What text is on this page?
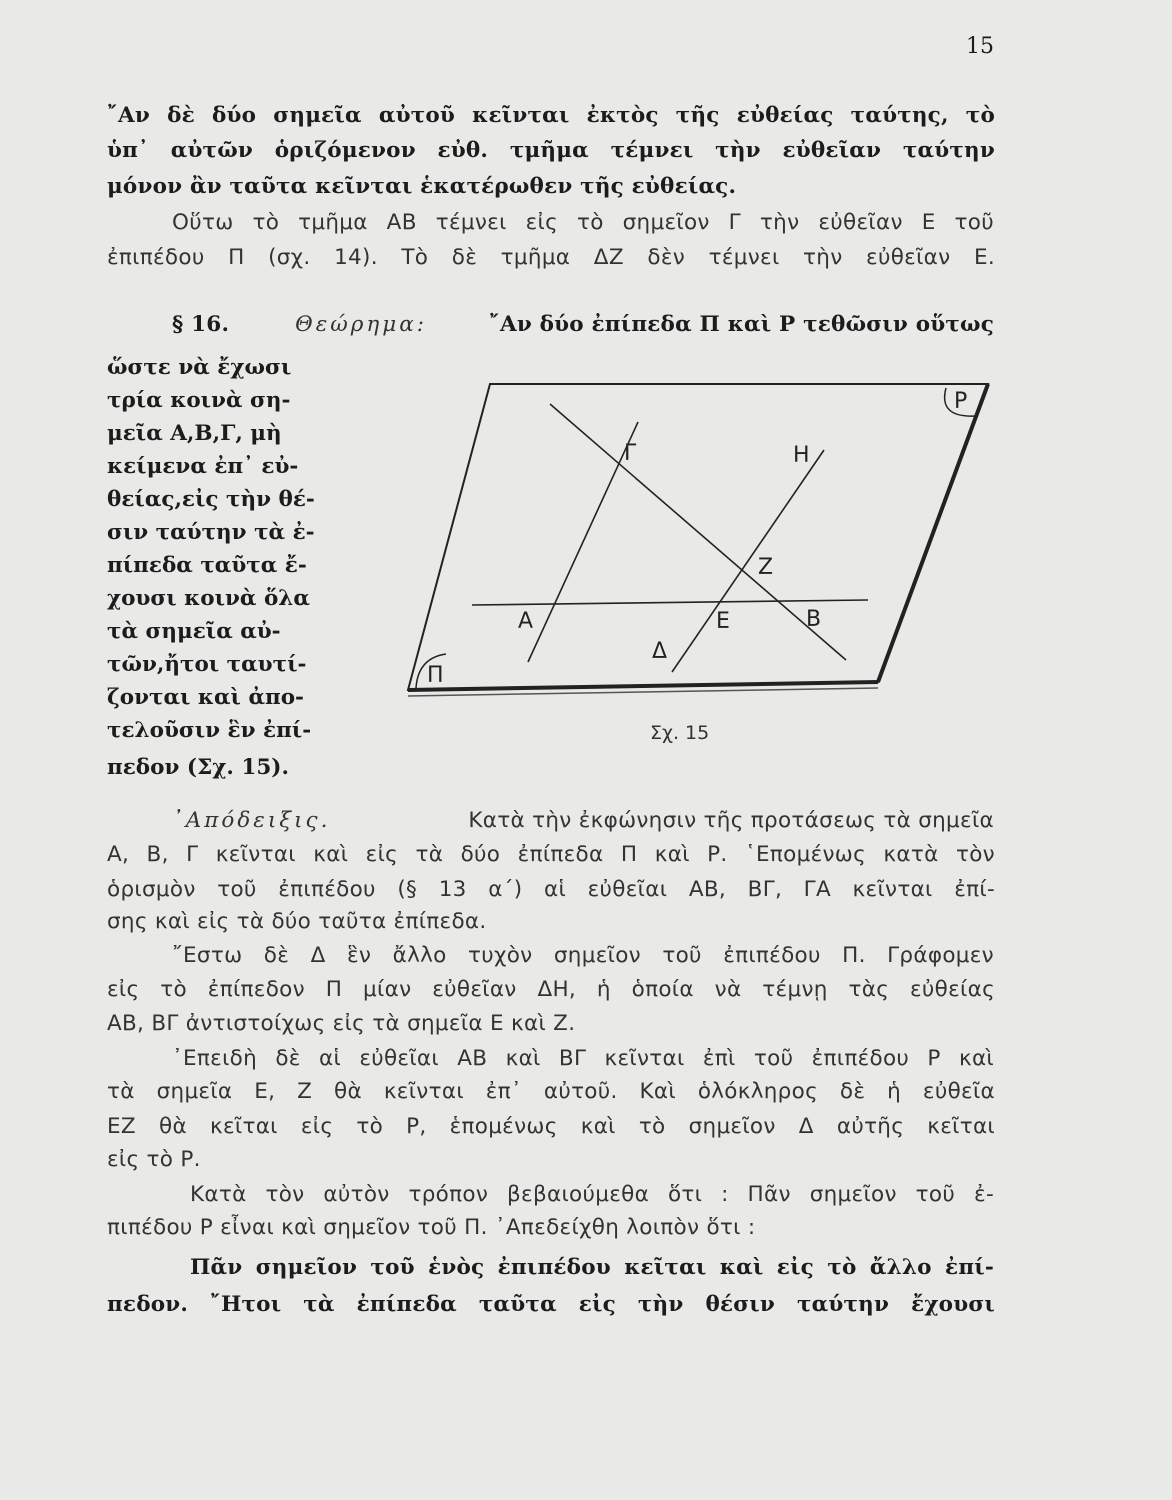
15
῎Αν δὲ δύο σημεῖα αὐτοῦ κεῖνται ἐκτὸς τῆς εὐθείας ταύτης, τὸ
ὑπ᾽ αὐτῶν ὁριζόμενον εὐθ. τμῆμα τέμνει τὴν εὐθεῖαν ταύτην
μόνον ἂν ταῦτα κεῖνται ἑκατέρωθεν τῆς εὐθείας.
Οὕτω τὸ τμῆμα ΑΒ τέμνει εἰς τὸ σημεῖον Γ τὴν εὐθεῖαν Ε τοῦ
ἐπιπέδου Π (σχ. 14). Τὸ δὲ τμῆμα ΔΖ δὲν τέμνει τὴν εὐθεῖαν Ε.
§ 16.	Θεώρημα:	῎Αν δύο ἐπίπεδα Π καὶ Ρ τεθῶσιν οὕτως
ὥστε νὰ ἔχωσι
τρία κοινὰ ση-
μεῖα Α,Β,Γ, μὴ
κείμενα ἐπ᾽ εὐ-
θείας,εἰς τὴν θέ-
σιν ταύτην τὰ ἐ-
πίπεδα ταῦτα ἔ-
χουσι κοινὰ ὅλα
τὰ σημεῖα αὐ-
τῶν,ἤτοι ταυτί-
ζονται καὶ ἀπο-
τελοῦσιν ἓν ἐπί-
πεδον (Σχ. 15).
Ρ
Π
Γ	Η
Ζ
Α	Ε	Β
Δ
Σχ. 15
᾽Απόδειξις.	Κατὰ τὴν ἐκφώνησιν τῆς προτάσεως τὰ σημεῖα
Α, Β, Γ κεῖνται καὶ εἰς τὰ δύο ἐπίπεδα Π καὶ Ρ. ῾Επομένως κατὰ τὸν
ὁρισμὸν τοῦ ἐπιπέδου (§ 13 α΄) αἱ εὐθεῖαι ΑΒ, ΒΓ, ΓΑ κεῖνται ἐπί-
σης καὶ εἰς τὰ δύο ταῦτα ἐπίπεδα.
῎Εστω δὲ Δ ἓν ἄλλο τυχὸν σημεῖον τοῦ ἐπιπέδου Π. Γράφομεν
εἰς τὸ ἐπίπεδον Π μίαν εὐθεῖαν ΔΗ, ἡ ὁποία νὰ τέμνῃ τὰς εὐθείας
ΑΒ, ΒΓ ἀντιστοίχως εἰς τὰ σημεῖα Ε καὶ Ζ.
᾽Επειδὴ δὲ αἱ εὐθεῖαι ΑΒ καὶ ΒΓ κεῖνται ἐπὶ τοῦ ἐπιπέδου Ρ καὶ
τὰ σημεῖα Ε, Ζ θὰ κεῖνται ἐπ᾽ αὐτοῦ. Καὶ ὁλόκληρος δὲ ἡ εὐθεῖα
ΕΖ θὰ κεῖται εἰς τὸ Ρ, ἑπομένως καὶ τὸ σημεῖον Δ αὐτῆς κεῖται
εἰς τὸ Ρ.
Κατὰ τὸν αὐτὸν τρόπον βεβαιούμεθα ὅτι : Πᾶν σημεῖον τοῦ ἐ-
πιπέδου Ρ εἶναι καὶ σημεῖον τοῦ Π. ᾽Απεδείχθη λοιπὸν ὅτι :
Πᾶν σημεῖον τοῦ ἑνὸς ἐπιπέδου κεῖται καὶ εἰς τὸ ἄλλο ἐπί-
πεδον. ῎Ητοι τὰ ἐπίπεδα ταῦτα εἰς τὴν θέσιν ταύτην ἔχουσι
